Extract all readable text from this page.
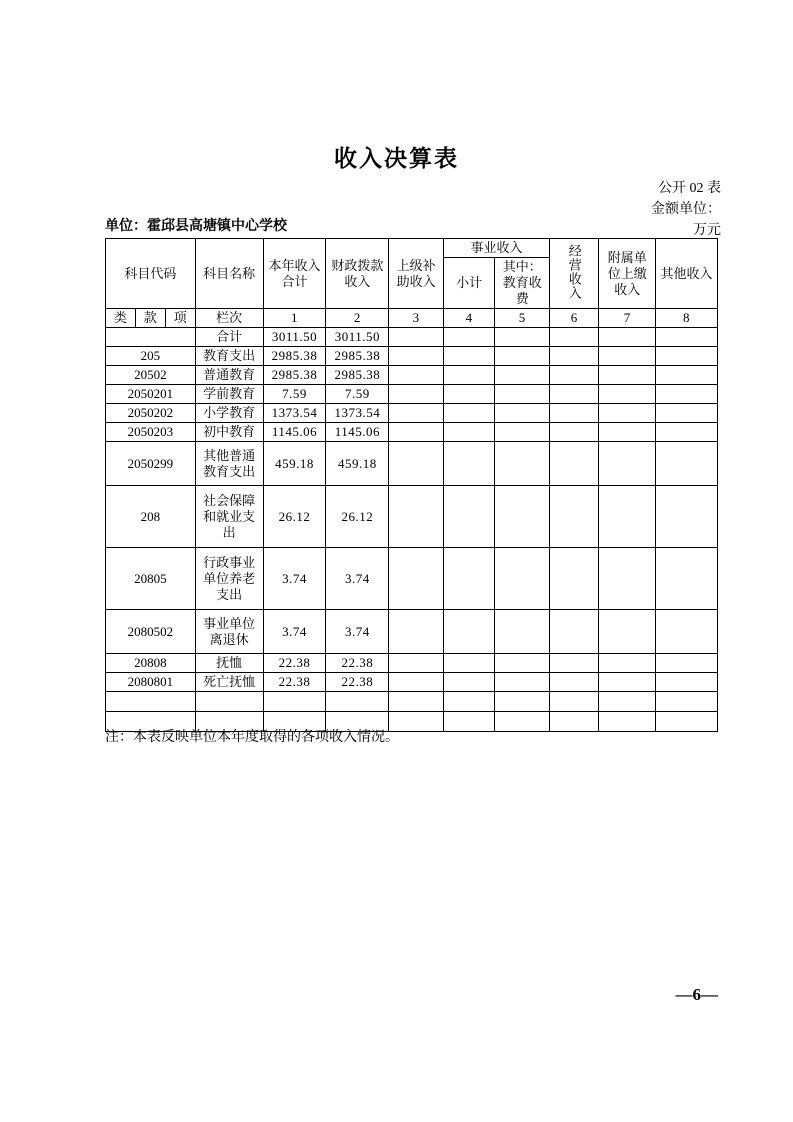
收入决算表
公开 02 表
金额单位：
万元
单位：霍邱县高塘镇中心学校
科目代码			科目名称	本年收入合计	财政拨款收入	上级补助收入	事业收入		经营收入	附属单位上缴收入	其他收入
							小计	其中：教育收费			
类	款	项	栏次	1	2	3	4	5	6	7	8
			合计	3011.50	3011.50						
205			教育支出	2985.38	2985.38						
20502			普通教育	2985.38	2985.38						
2050201			学前教育	7.59	7.59						
2050202			小学教育	1373.54	1373.54						
2050203			初中教育	1145.06	1145.06						
2050299			其他普通教育支出	459.18	459.18						
208			社会保障和就业支出	26.12	26.12						
20805			行政事业单位养老支出	3.74	3.74						
2080502			事业单位离退休	3.74	3.74						
20808			抚恤	22.38	22.38						
2080801			死亡抚恤	22.38	22.38						

注：本表反映单位本年度取得的各项收入情况。
—6—
